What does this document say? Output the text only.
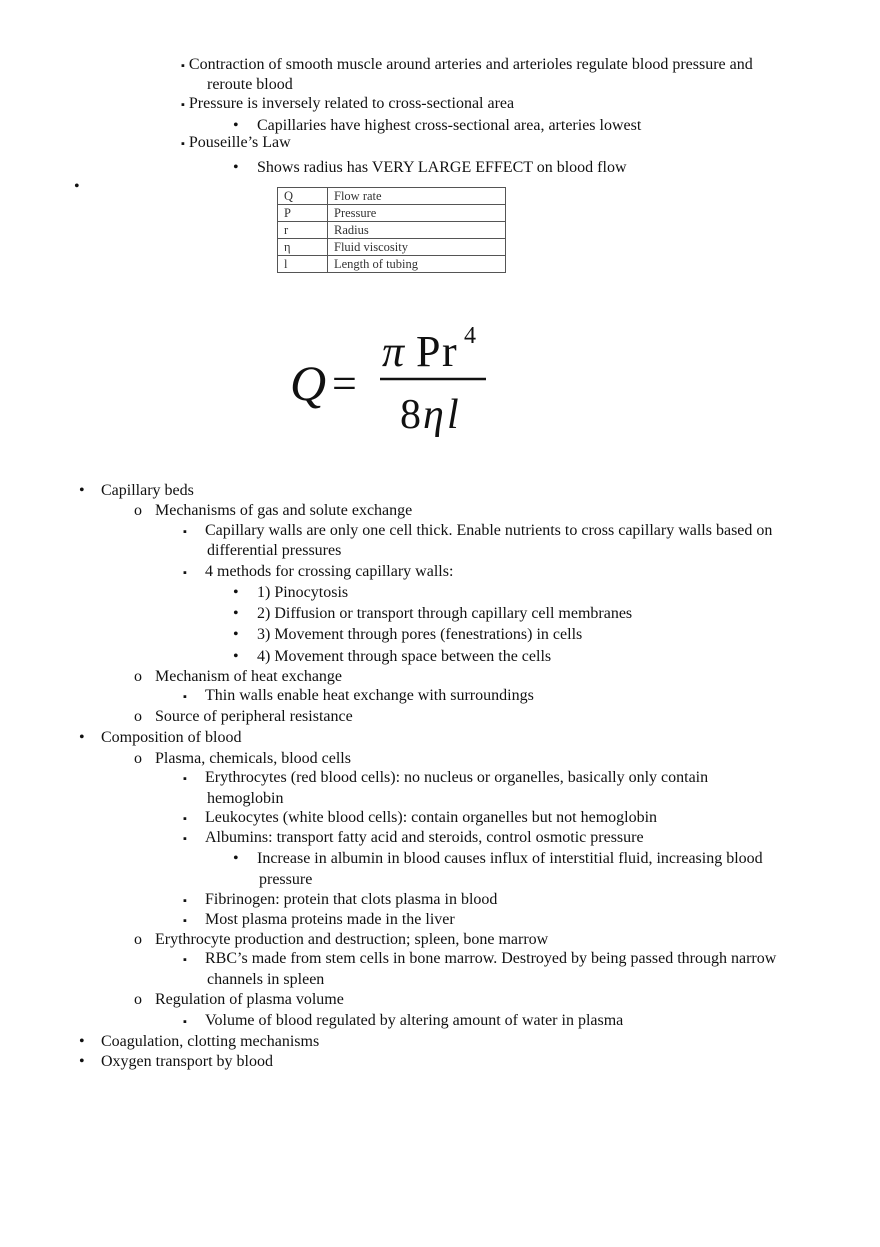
▪ Contraction of smooth muscle around arteries and arterioles regulate blood pressure and
reroute blood
▪ Pressure is inversely related to cross-sectional area
• Capillaries have highest cross-sectional area, arteries lowest
▪ Pouseille’s Law
• Shows radius has VERY LARGE EFFECT on blood flow
•
Q	Flow rate
P	Pressure
r	Radius
η	Fluid viscosity
l	Length of tubing
Q =
π P r 4
8 η l
• Capillary beds
o Mechanisms of gas and solute exchange
▪ Capillary walls are only one cell thick. Enable nutrients to cross capillary walls based on
differential pressures
▪ 4 methods for crossing capillary walls:
• 1) Pinocytosis
• 2) Diffusion or transport through capillary cell membranes
• 3) Movement through pores (fenestrations) in cells
• 4) Movement through space between the cells
o Mechanism of heat exchange
▪ Thin walls enable heat exchange with surroundings
o Source of peripheral resistance
• Composition of blood
o Plasma, chemicals, blood cells
▪ Erythrocytes (red blood cells): no nucleus or organelles, basically only contain
hemoglobin
▪ Leukocytes (white blood cells): contain organelles but not hemoglobin
▪ Albumins: transport fatty acid and steroids, control osmotic pressure
• Increase in albumin in blood causes influx of interstitial fluid, increasing blood
pressure
▪ Fibrinogen: protein that clots plasma in blood
▪ Most plasma proteins made in the liver
o Erythrocyte production and destruction; spleen, bone marrow
▪ RBC’s made from stem cells in bone marrow. Destroyed by being passed through narrow
channels in spleen
o Regulation of plasma volume
▪ Volume of blood regulated by altering amount of water in plasma
• Coagulation, clotting mechanisms
• Oxygen transport by blood
